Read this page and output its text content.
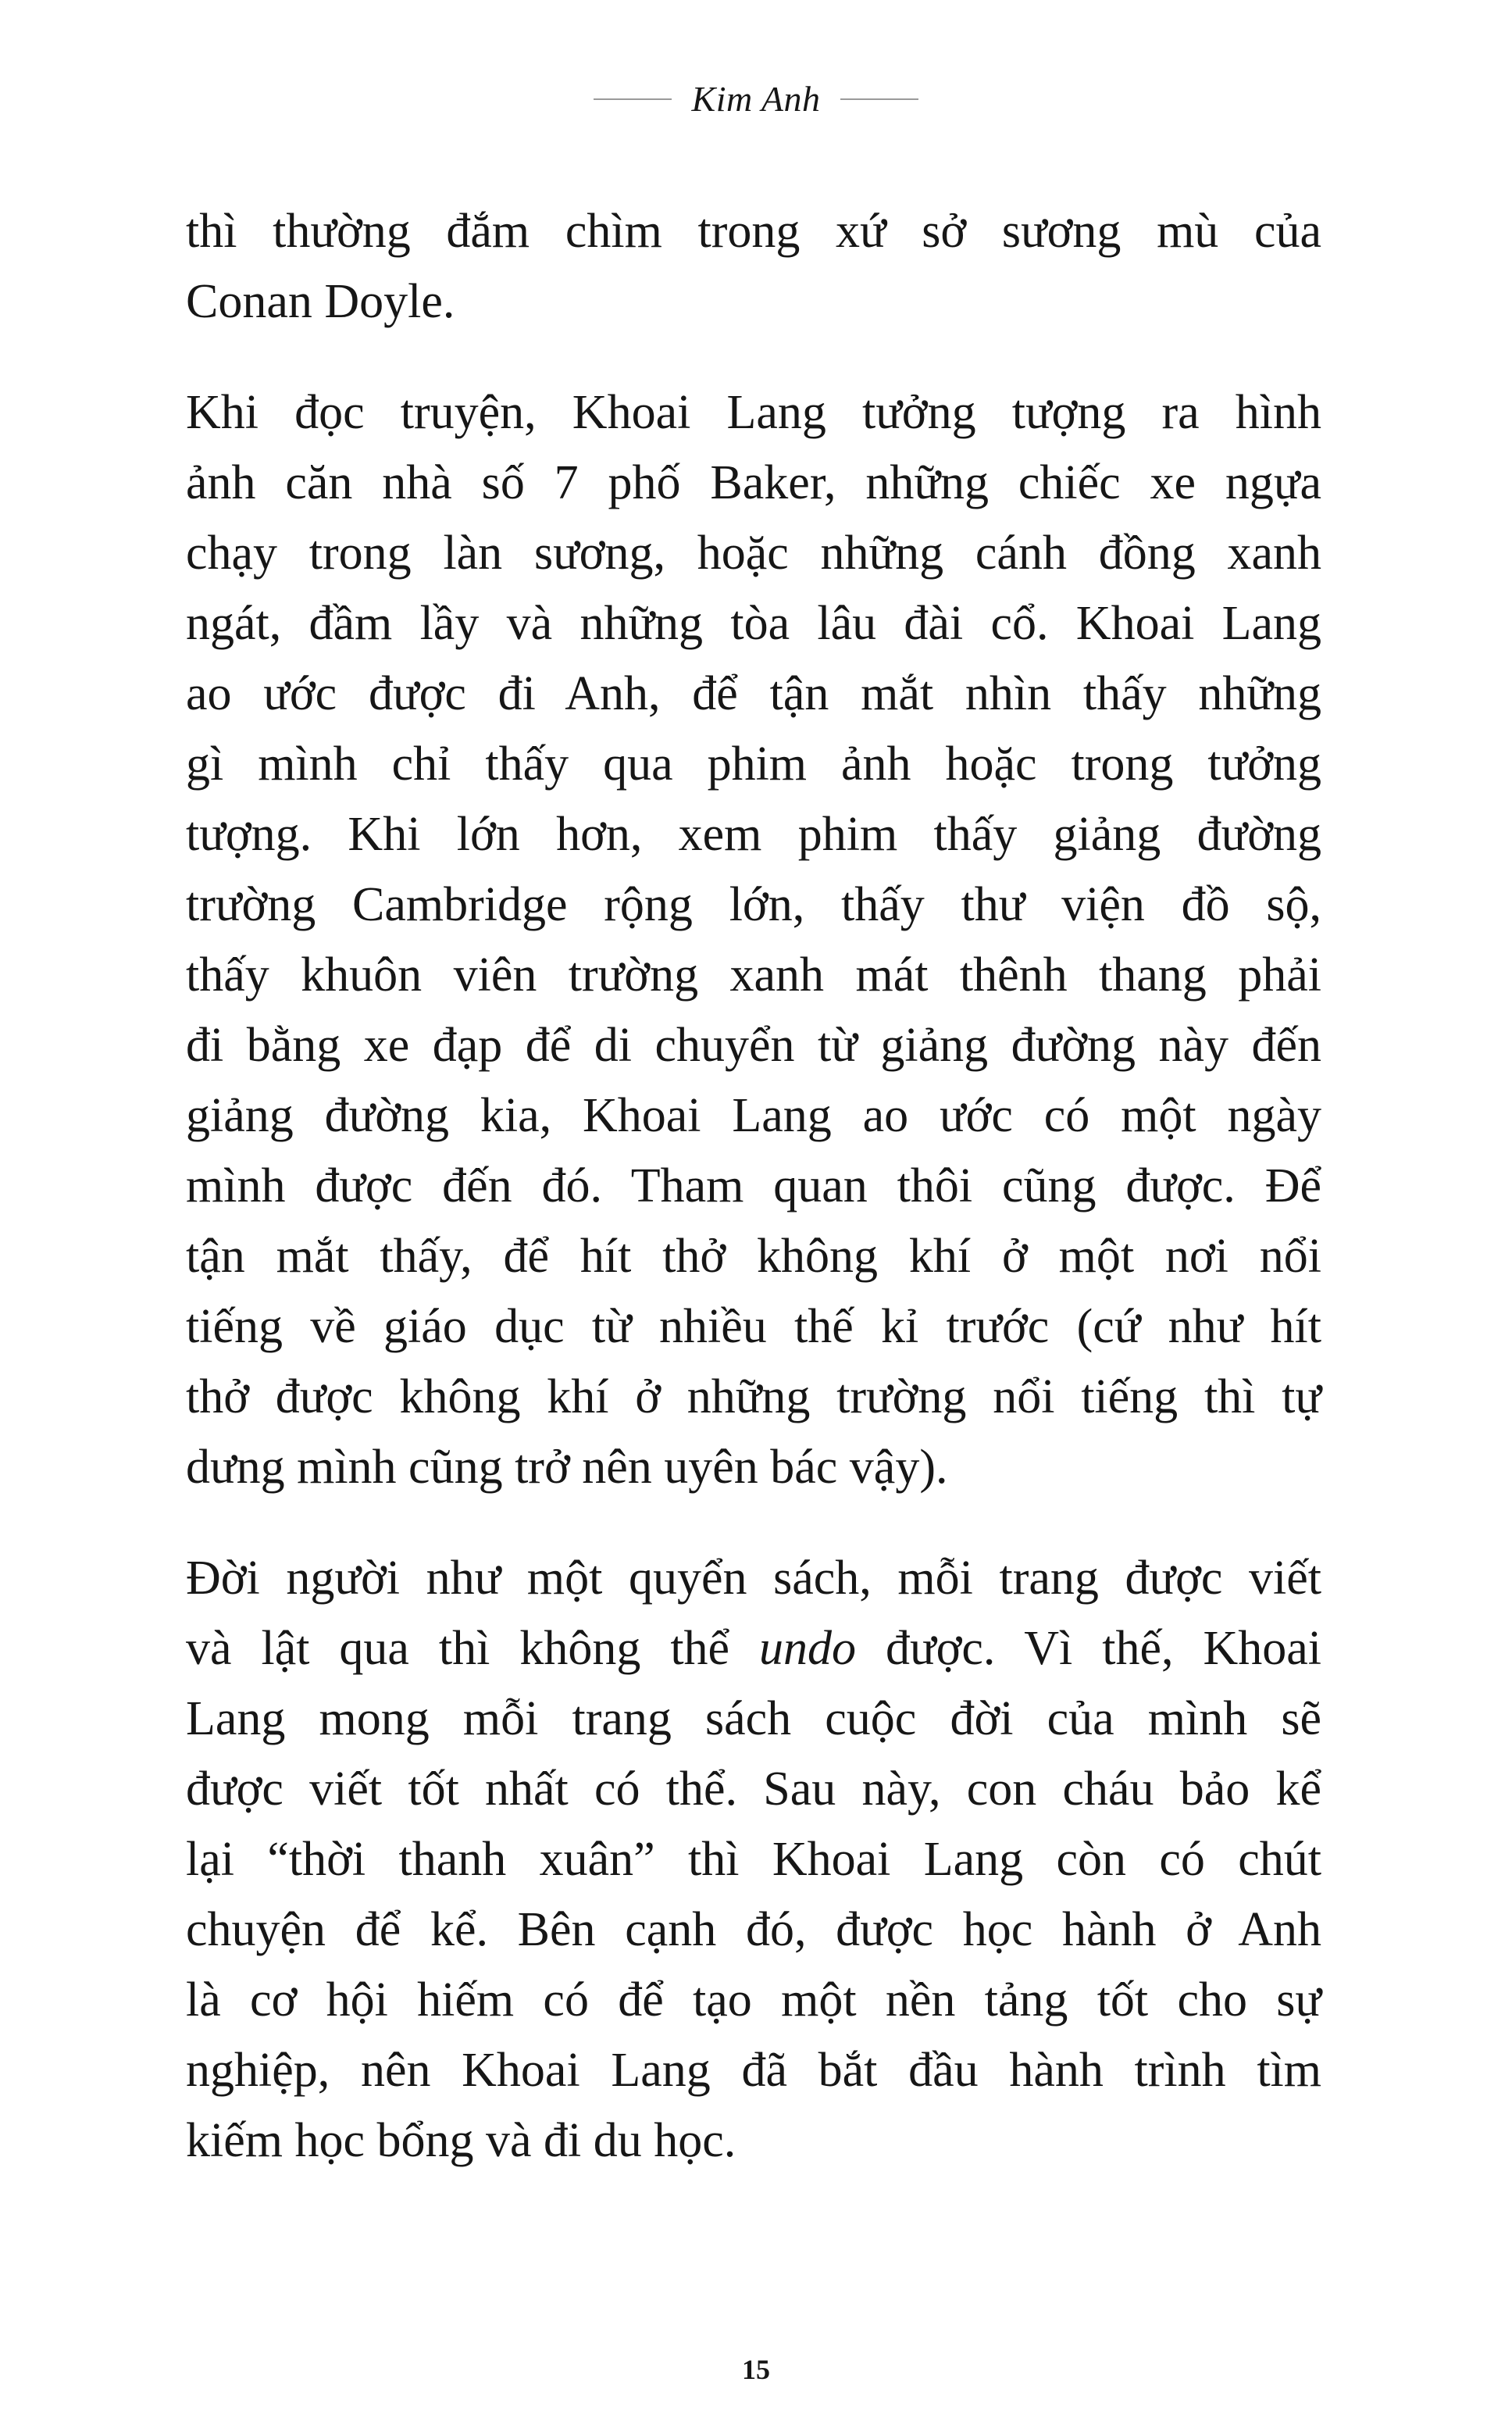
Kim Anh
thì thường đắm chìm trong xứ sở sương mù của
Conan Doyle.
Khi đọc truyện, Khoai Lang tưởng tượng ra hình
ảnh căn nhà số 7 phố Baker, những chiếc xe ngựa
chạy trong làn sương, hoặc những cánh đồng xanh
ngát, đầm lầy và những tòa lâu đài cổ. Khoai Lang
ao ước được đi Anh, để tận mắt nhìn thấy những
gì mình chỉ thấy qua phim ảnh hoặc trong tưởng
tượng. Khi lớn hơn, xem phim thấy giảng đường
trường Cambridge rộng lớn, thấy thư viện đồ sộ,
thấy khuôn viên trường xanh mát thênh thang phải
đi bằng xe đạp để di chuyển từ giảng đường này đến
giảng đường kia, Khoai Lang ao ước có một ngày
mình được đến đó. Tham quan thôi cũng được. Để
tận mắt thấy, để hít thở không khí ở một nơi nổi
tiếng về giáo dục từ nhiều thế kỉ trước (cứ như hít
thở được không khí ở những trường nổi tiếng thì tự
dưng mình cũng trở nên uyên bác vậy).
Đời người như một quyển sách, mỗi trang được viết
và lật qua thì không thể undo được. Vì thế, Khoai
Lang mong mỗi trang sách cuộc đời của mình sẽ
được viết tốt nhất có thể. Sau này, con cháu bảo kể
lại “thời thanh xuân” thì Khoai Lang còn có chút
chuyện để kể. Bên cạnh đó, được học hành ở Anh
là cơ hội hiếm có để tạo một nền tảng tốt cho sự
nghiệp, nên Khoai Lang đã bắt đầu hành trình tìm
kiếm học bổng và đi du học.
15
